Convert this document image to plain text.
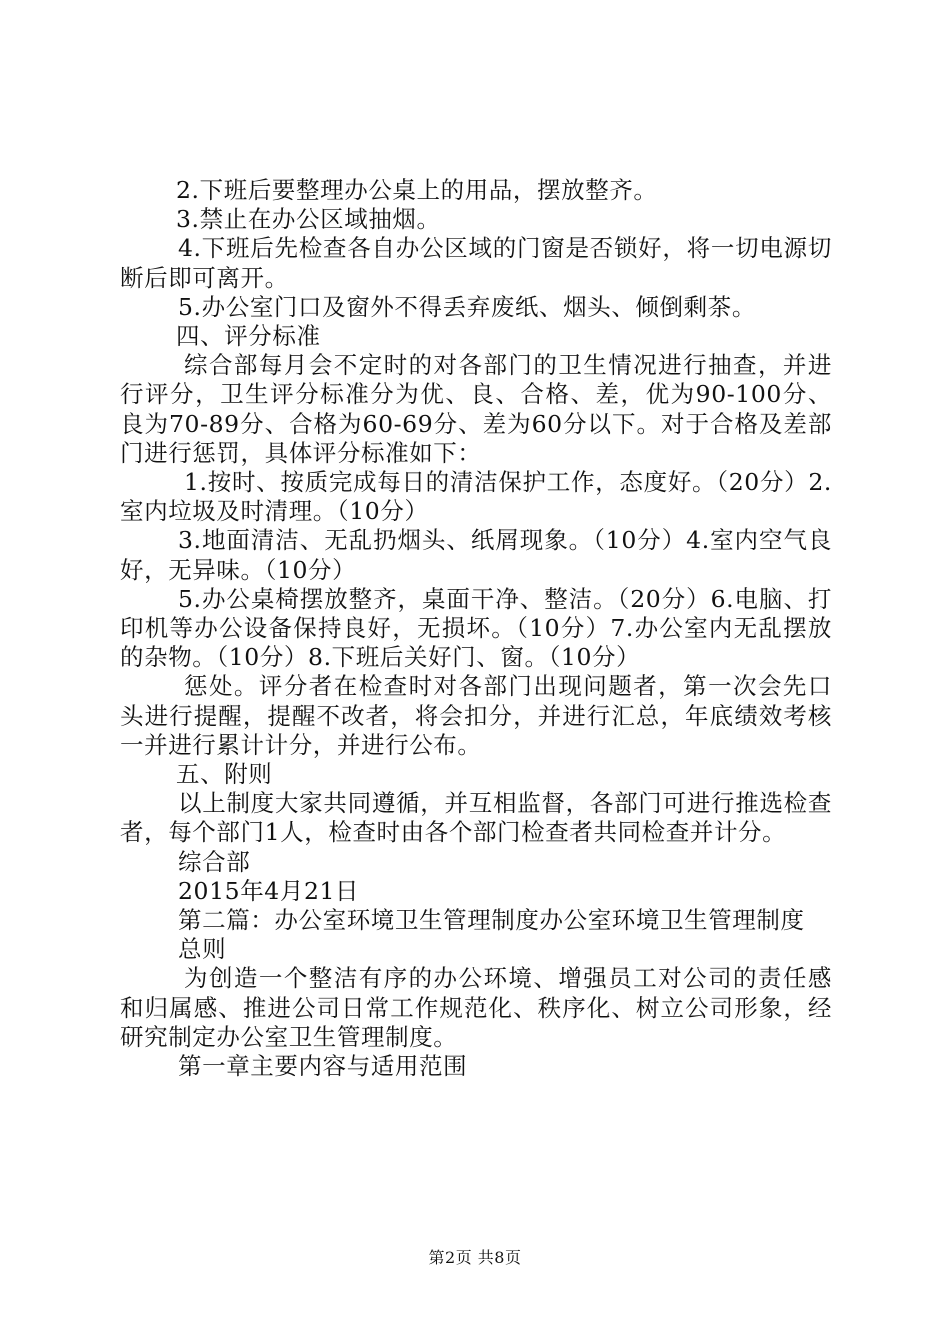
2.下班后要整理办公桌上的用品，摆放整齐。

3.禁止在办公区域抽烟。

4.下班后先检查各自办公区域的门窗是否锁好，将一切电源切断后即可离开。

5.办公室门口及窗外不得丢弃废纸、烟头、倾倒剩茶。

四、评分标准

综合部每月会不定时的对各部门的卫生情况进行抽查，并进行评分，卫生评分标准分为优、良、合格、差，优为90-100分、良为70-89分、合格为60-69分、差为60分以下。对于合格及差部门进行惩罚，具体评分标准如下：

1.按时、按质完成每日的清洁保护工作，态度好。（20分）2.室内垃圾及时清理。（10分）

3.地面清洁、无乱扔烟头、纸屑现象。（10分）4.室内空气良好，无异味。（10分）

5.办公桌椅摆放整齐，桌面干净、整洁。（20分）6.电脑、打印机等办公设备保持良好，无损坏。（10分）7.办公室内无乱摆放的杂物。（10分）8.下班后关好门、窗。（10分）

惩处。评分者在检查时对各部门出现问题者，第一次会先口头进行提醒，提醒不改者，将会扣分，并进行汇总，年底绩效考核一并进行累计计分，并进行公布。

五、附则

以上制度大家共同遵循，并互相监督，各部门可进行推选检查者，每个部门1人，检查时由各个部门检查者共同检查并计分。

综合部

2015年4月21日

第二篇：办公室环境卫生管理制度办公室环境卫生管理制度

总则

为创造一个整洁有序的办公环境、增强员工对公司的责任感和归属感、推进公司日常工作规范化、秩序化、树立公司形象，经研究制定办公室卫生管理制度。

第一章主要内容与适用范围

第2页 共8页
